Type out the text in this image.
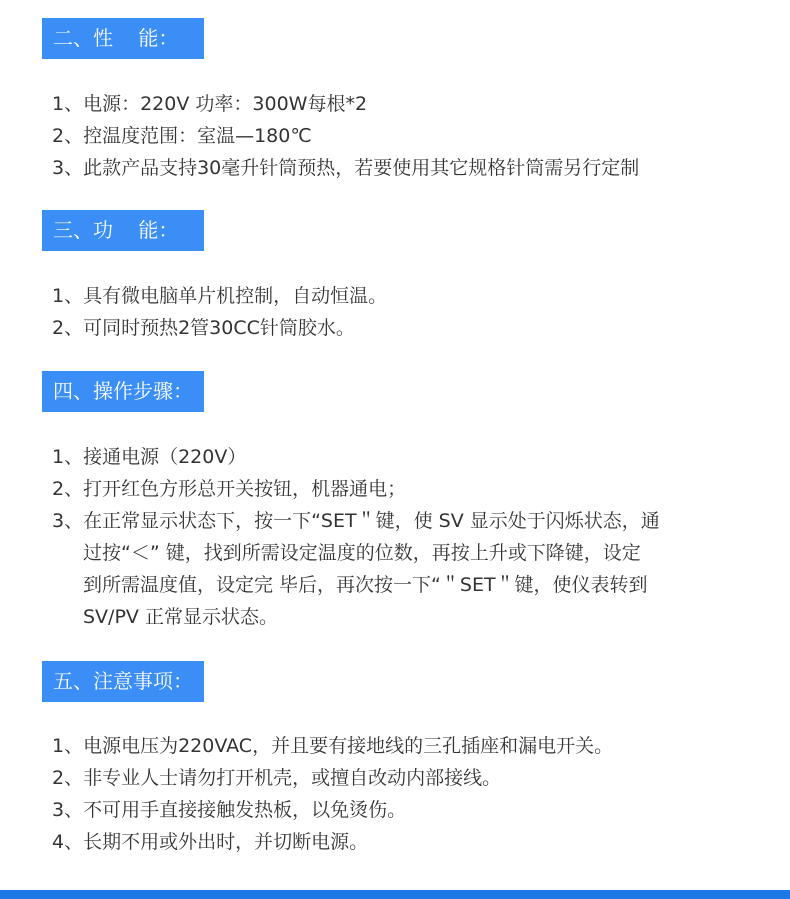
二、性    能：
1、电源：220V 功率：300W每根*2
2、控温度范围：室温—180℃
3、此款产品支持30毫升针筒预热，若要使用其它规格针筒需另行定制
三、功    能：
1、具有微电脑单片机控制，自动恒温。
2、可同时预热2管30CC针筒胶水。
四、操作步骤：
1、接通电源（220V）
2、打开红色方形总开关按钮，机器通电；
3、在正常显示状态下，按一下“SET＂键，使 SV 显示处于闪烁状态，通
过按“＜” 键，找到所需设定温度的位数，再按上升或下降键，设定
到所需温度值，设定完 毕后，再次按一下“＂SET＂键，使仪表转到
SV/PV 正常显示状态。
五、注意事项：
1、电源电压为220VAC，并且要有接地线的三孔插座和漏电开关。
2、非专业人士请勿打开机壳，或擅自改动内部接线。
3、不可用手直接接触发热板，以免烫伤。
4、长期不用或外出时，并切断电源。
